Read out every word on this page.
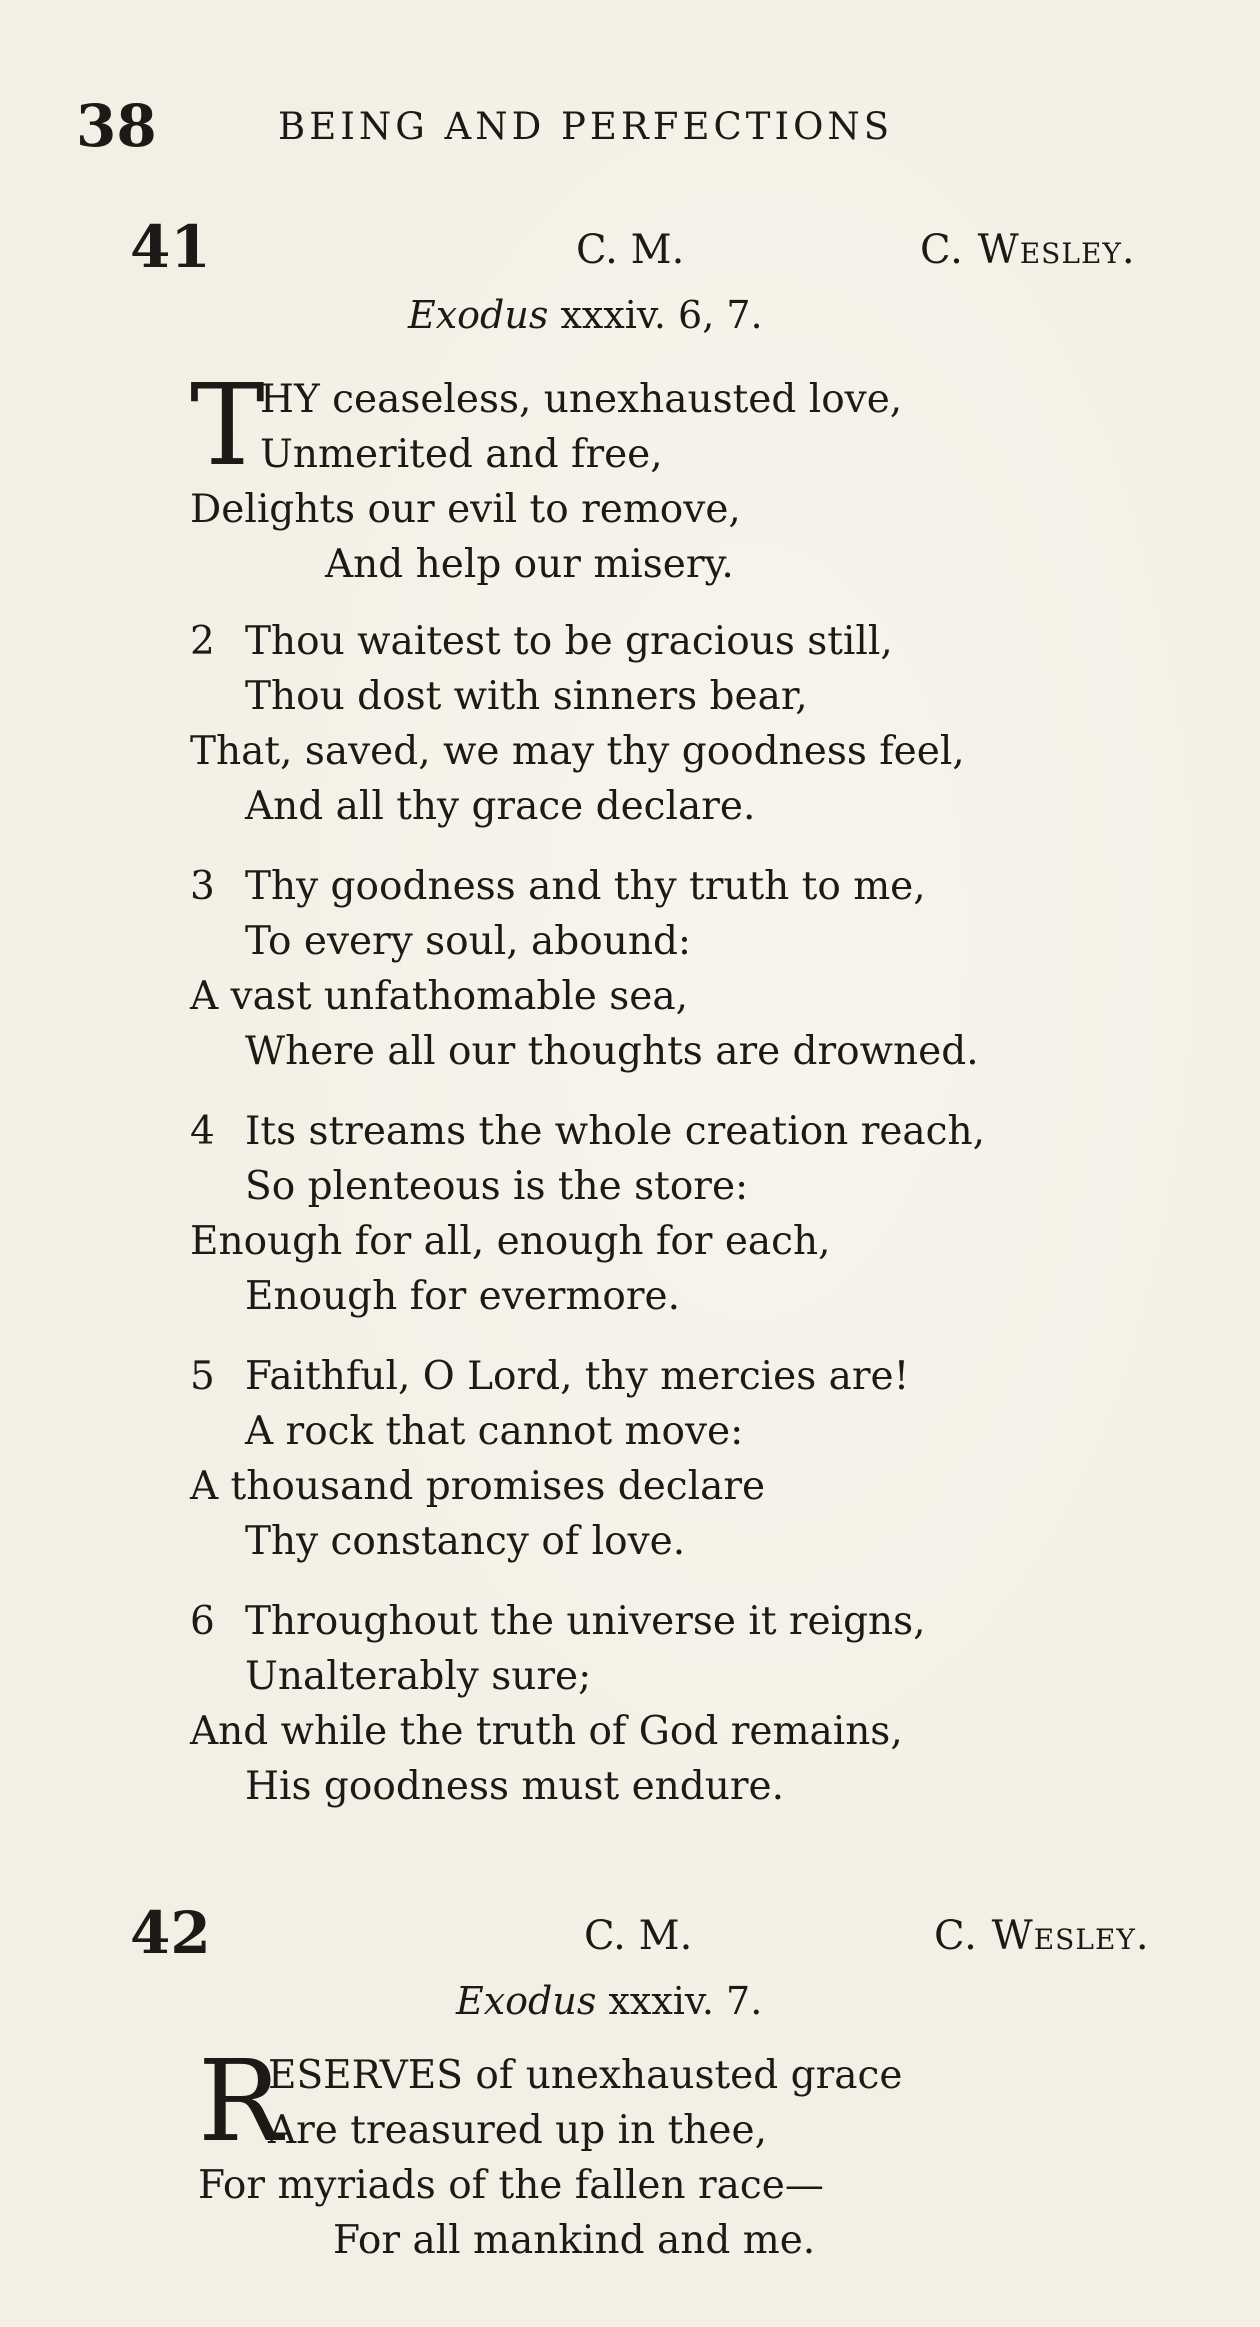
38	BEING AND PERFECTIONS
41	C. M.	C. Wesley.
Exodus xxxiv. 6, 7.
T
HY ceaseless, unexhausted love,
Unmerited and free,
Delights our evil to remove,
And help our misery.
2 Thou waitest to be gracious still,
Thou dost with sinners bear,
That, saved, we may thy goodness feel,
And all thy grace declare.
3 Thy goodness and thy truth to me,
To every soul, abound:
A vast unfathomable sea,
Where all our thoughts are drowned.
4 Its streams the whole creation reach,
So plenteous is the store:
Enough for all, enough for each,
Enough for evermore.
5 Faithful, O Lord, thy mercies are!
A rock that cannot move:
A thousand promises declare
Thy constancy of love.
6 Throughout the universe it reigns,
Unalterably sure;
And while the truth of God remains,
His goodness must endure.
42	C. M.	C. Wesley.
Exodus xxxiv. 7.
R
ESERVES of unexhausted grace
Are treasured up in thee,
For myriads of the fallen race—
For all mankind and me.
